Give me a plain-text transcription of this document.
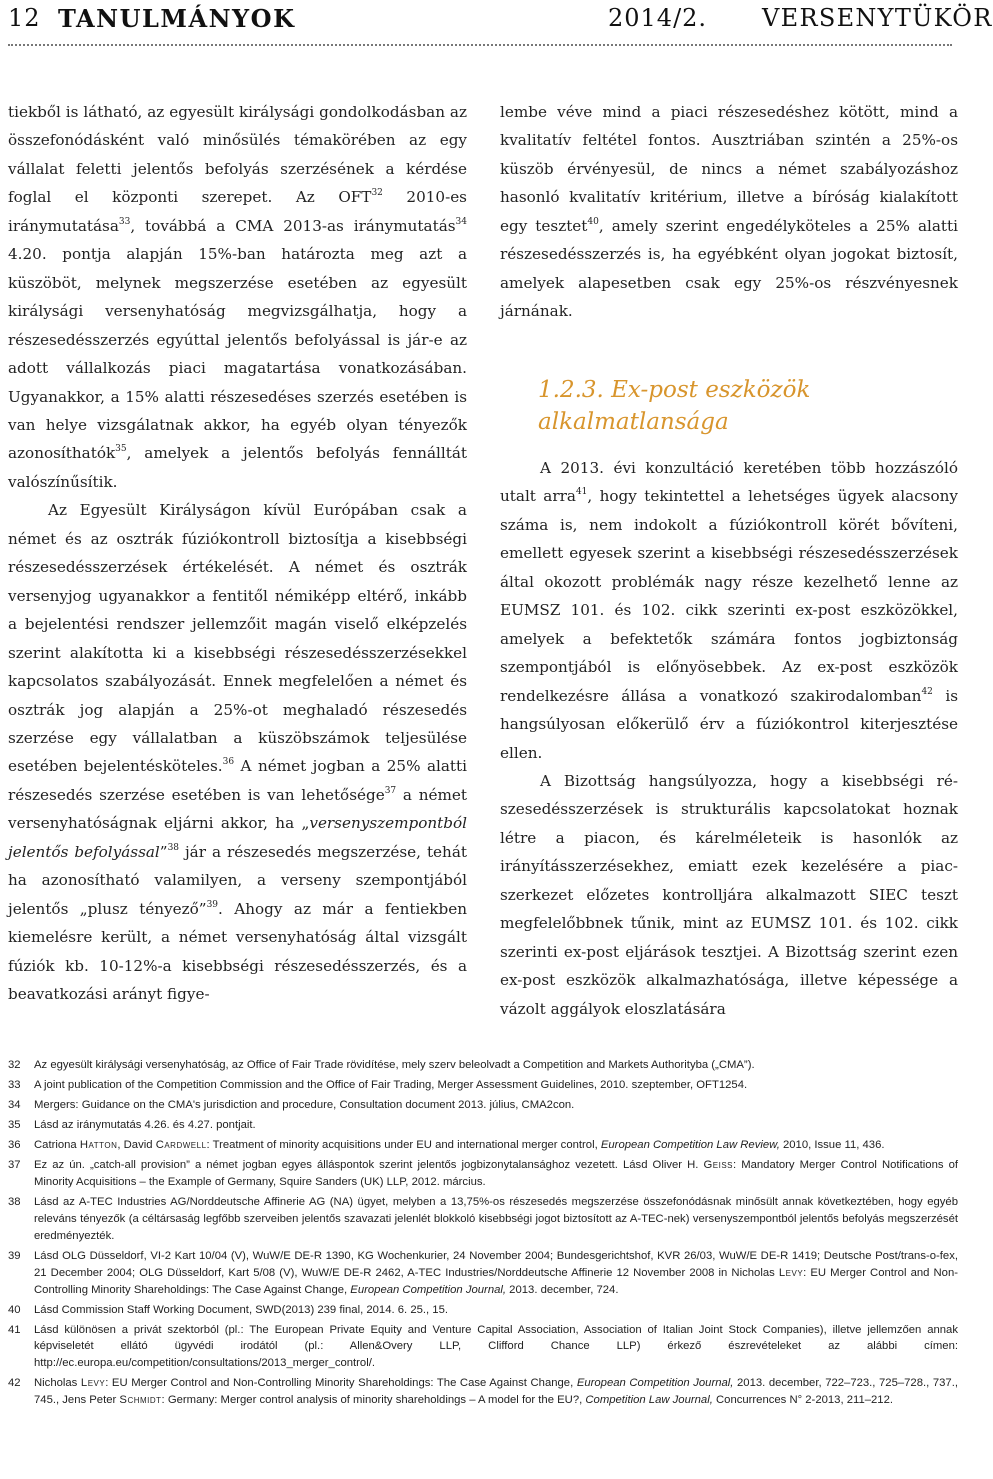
12 TANULMÁNYOK	2014/2. VERSENYTÜKÖR

tiekből is látható, az egyesült királysági gondolkodásban az összefonódásként való minősülés témakörében az egy vállalat feletti jelentős befolyás szerzésének a kérdése foglal el központi szerepet. Az OFT$^{32}$ 2010-es iránymutatása$^{33}$, továbbá a CMA 2013-as iránymutatás$^{34}$ 4.20. pontja alapján 15%-ban határozta meg azt a küszöböt, melynek megszerzése esetében az egyesült királysági versenyhatóság megvizsgálhatja, hogy a részesedésszerzés egyúttal jelentős befolyással is jár-e az adott vállalkozás piaci magatartása vonatkozásában. Ugyanakkor, a 15% alatti részesedéses szerzés esetében is van helye vizsgálatnak akkor, ha egyéb olyan tényezők azonosíthatók$^{35}$, amelyek a jelentős befolyás fennálltát valószínűsítik.

Az Egyesült Királyságon kívül Európában csak a német és az osztrák fúziókontroll biztosítja a kisebbségi részesedésszerzések értékelését. A német és osztrák versenyjog ugyanakkor a fentitől némiképp eltérő, inkább a bejelentési rendszer jellemzőit magán viselő elképzelés szerint alakította ki a kisebbségi részesedésszerzésekkel kapcsolatos szabályozását. Ennek megfelelően a német és osztrák jog alapján a 25%-ot meghaladó részesedés szerzése egy vállalatban a küszöbszámok teljesülése esetében bejelentésköteles.$^{36}$ A német jogban a 25% alatti részesedés szerzése esetében is van lehetősége$^{37}$ a német versenyhatóságnak eljárni akkor, ha „versenyszempontból jelentős befolyással”$^{38}$ jár a részesedés megszerzése, tehát ha azonosítható valamilyen, a verseny szempontjából jelentős „plusz tényező”$^{39}$. Ahogy az már a fentiekben kiemelésre került, a német versenyhatóság által vizsgált fúziók kb. 10-12%-a kisebbségi részesedésszerzés, és a beavatkozási arányt figye-

lembe véve mind a piaci részesedéshez kötött, mind a kvalitatív feltétel fontos. Ausztriában szintén a 25%-os küszöb érvényesül, de nincs a német szabályozáshoz hasonló kvalitatív kritérium, illetve a bíróság kialakított egy tesztet$^{40}$, amely szerint engedélyköteles a 25% alatti részesedésszerzés is, ha egyébként olyan jogokat biztosít, amelyek alapesetben csak egy 25%-os részvényesnek járnának.

1.2.3. Ex-post eszközök
alkalmatlansága

A 2013. évi konzultáció keretében több hozzászóló utalt arra$^{41}$, hogy tekintettel a lehetséges ügyek alacsony száma is, nem indokolt a fúziókontroll körét bővíteni, emellett egyesek szerint a kisebbségi részesedésszerzések által okozott problémák nagy része kezelhető lenne az EUMSZ 101. és 102. cikk szerinti ex-post eszközökkel, amelyek a befektetők számára fontos jogbiztonság szempontjából is előnyösebbek. Az ex-post eszközök rendelkezésre állása a vonatkozó szakirodalomban$^{42}$ is hangsúlyosan előkerülő érv a fúziókontrol kiterjesztése ellen.

A Bizottság hangsúlyozza, hogy a kisebbségi részesedésszerzések is strukturális kapcsolatokat hoznak létre a piacon, és kárelméleteik is hasonlók az irányításszerzésekhez, emiatt ezek kezelésére a piacszerkezet előzetes kontrolljára alkalmazott SIEC teszt megfelelőbbnek tűnik, mint az EUMSZ 101. és 102. cikk szerinti ex-post eljárások tesztjei. A Bizottság szerint ezen ex-post eszközök alkalmazhatósága, illetve képessége a vázolt aggályok eloszlatására

32 Az egyesült királysági versenyhatóság, az Office of Fair Trade rövidítése, mely szerv beleolvadt a Competition and Markets Authorityba („CMA”).
33 A joint publication of the Competition Commission and the Office of Fair Trading, Merger Assessment Guidelines, 2010. szeptember, OFT1254.
34 Mergers: Guidance on the CMA's jurisdiction and procedure, Consultation document 2013. július, CMA2con.
35 Lásd az iránymutatás 4.26. és 4.27. pontjait.
36 Catriona Hatton, David Cardwell: Treatment of minority acquisitions under EU and international merger control, European Competition Law Review, 2010, Issue 11, 436.
37 Ez az ún. „catch-all provision” a német jogban egyes álláspontok szerint jelentős jogbizonytalansághoz vezetett. Lásd Oliver H. Geiss: Mandatory Merger Control Notifications of Minority Acquisitions – the Example of Germany, Squire Sanders (UK) LLP, 2012. március.
38 Lásd az A-TEC Industries AG/Norddeutsche Affinerie AG (NA) ügyet, melyben a 13,75%-os részesedés megszerzése összefonódásnak minősült annak következtében, hogy egyéb releváns tényezők (a céltársaság legfőbb szerveiben jelentős szavazati jelenlét blokkoló kisebbségi jogot biztosított az A-TEC-nek) versenyszempontból jelentős befolyás megszerzését eredményezték.
39 Lásd OLG Düsseldorf, VI-2 Kart 10/04 (V), WuW/E DE-R 1390, KG Wochenkurier, 24 November 2004; Bundesgerichtshof, KVR 26/03, WuW/E DE-R 1419; Deutsche Post/trans-o-fex, 21 December 2004; OLG Düsseldorf, Kart 5/08 (V), WuW/E DE-R 2462, A-TEC Industries/Norddeutsche Affinerie 12 November 2008 in Nicholas Levy: EU Merger Control and Non-Controlling Minority Shareholdings: The Case Against Change, European Competition Journal, 2013. december, 724.
40 Lásd Commission Staff Working Document, SWD(2013) 239 final, 2014. 6. 25., 15.
41 Lásd különösen a privát szektorból (pl.: The European Private Equity and Venture Capital Association, Association of Italian Joint Stock Companies), illetve jellemzően annak képviseletét ellátó ügyvédi irodától (pl.: Allen&Overy LLP, Clifford Chance LLP) érkező észrevételeket az alábbi címen: http://ec.europa.eu/competition/consultations/2013_merger_control/.
42 Nicholas Levy: EU Merger Control and Non-Controlling Minority Shareholdings: The Case Against Change, European Competition Journal, 2013. december, 722–723., 725–728., 737., 745., Jens Peter Schmidt: Germany: Merger control analysis of minority shareholdings – A model for the EU?, Competition Law Journal, Concurrences N° 2-2013, 211–212.
